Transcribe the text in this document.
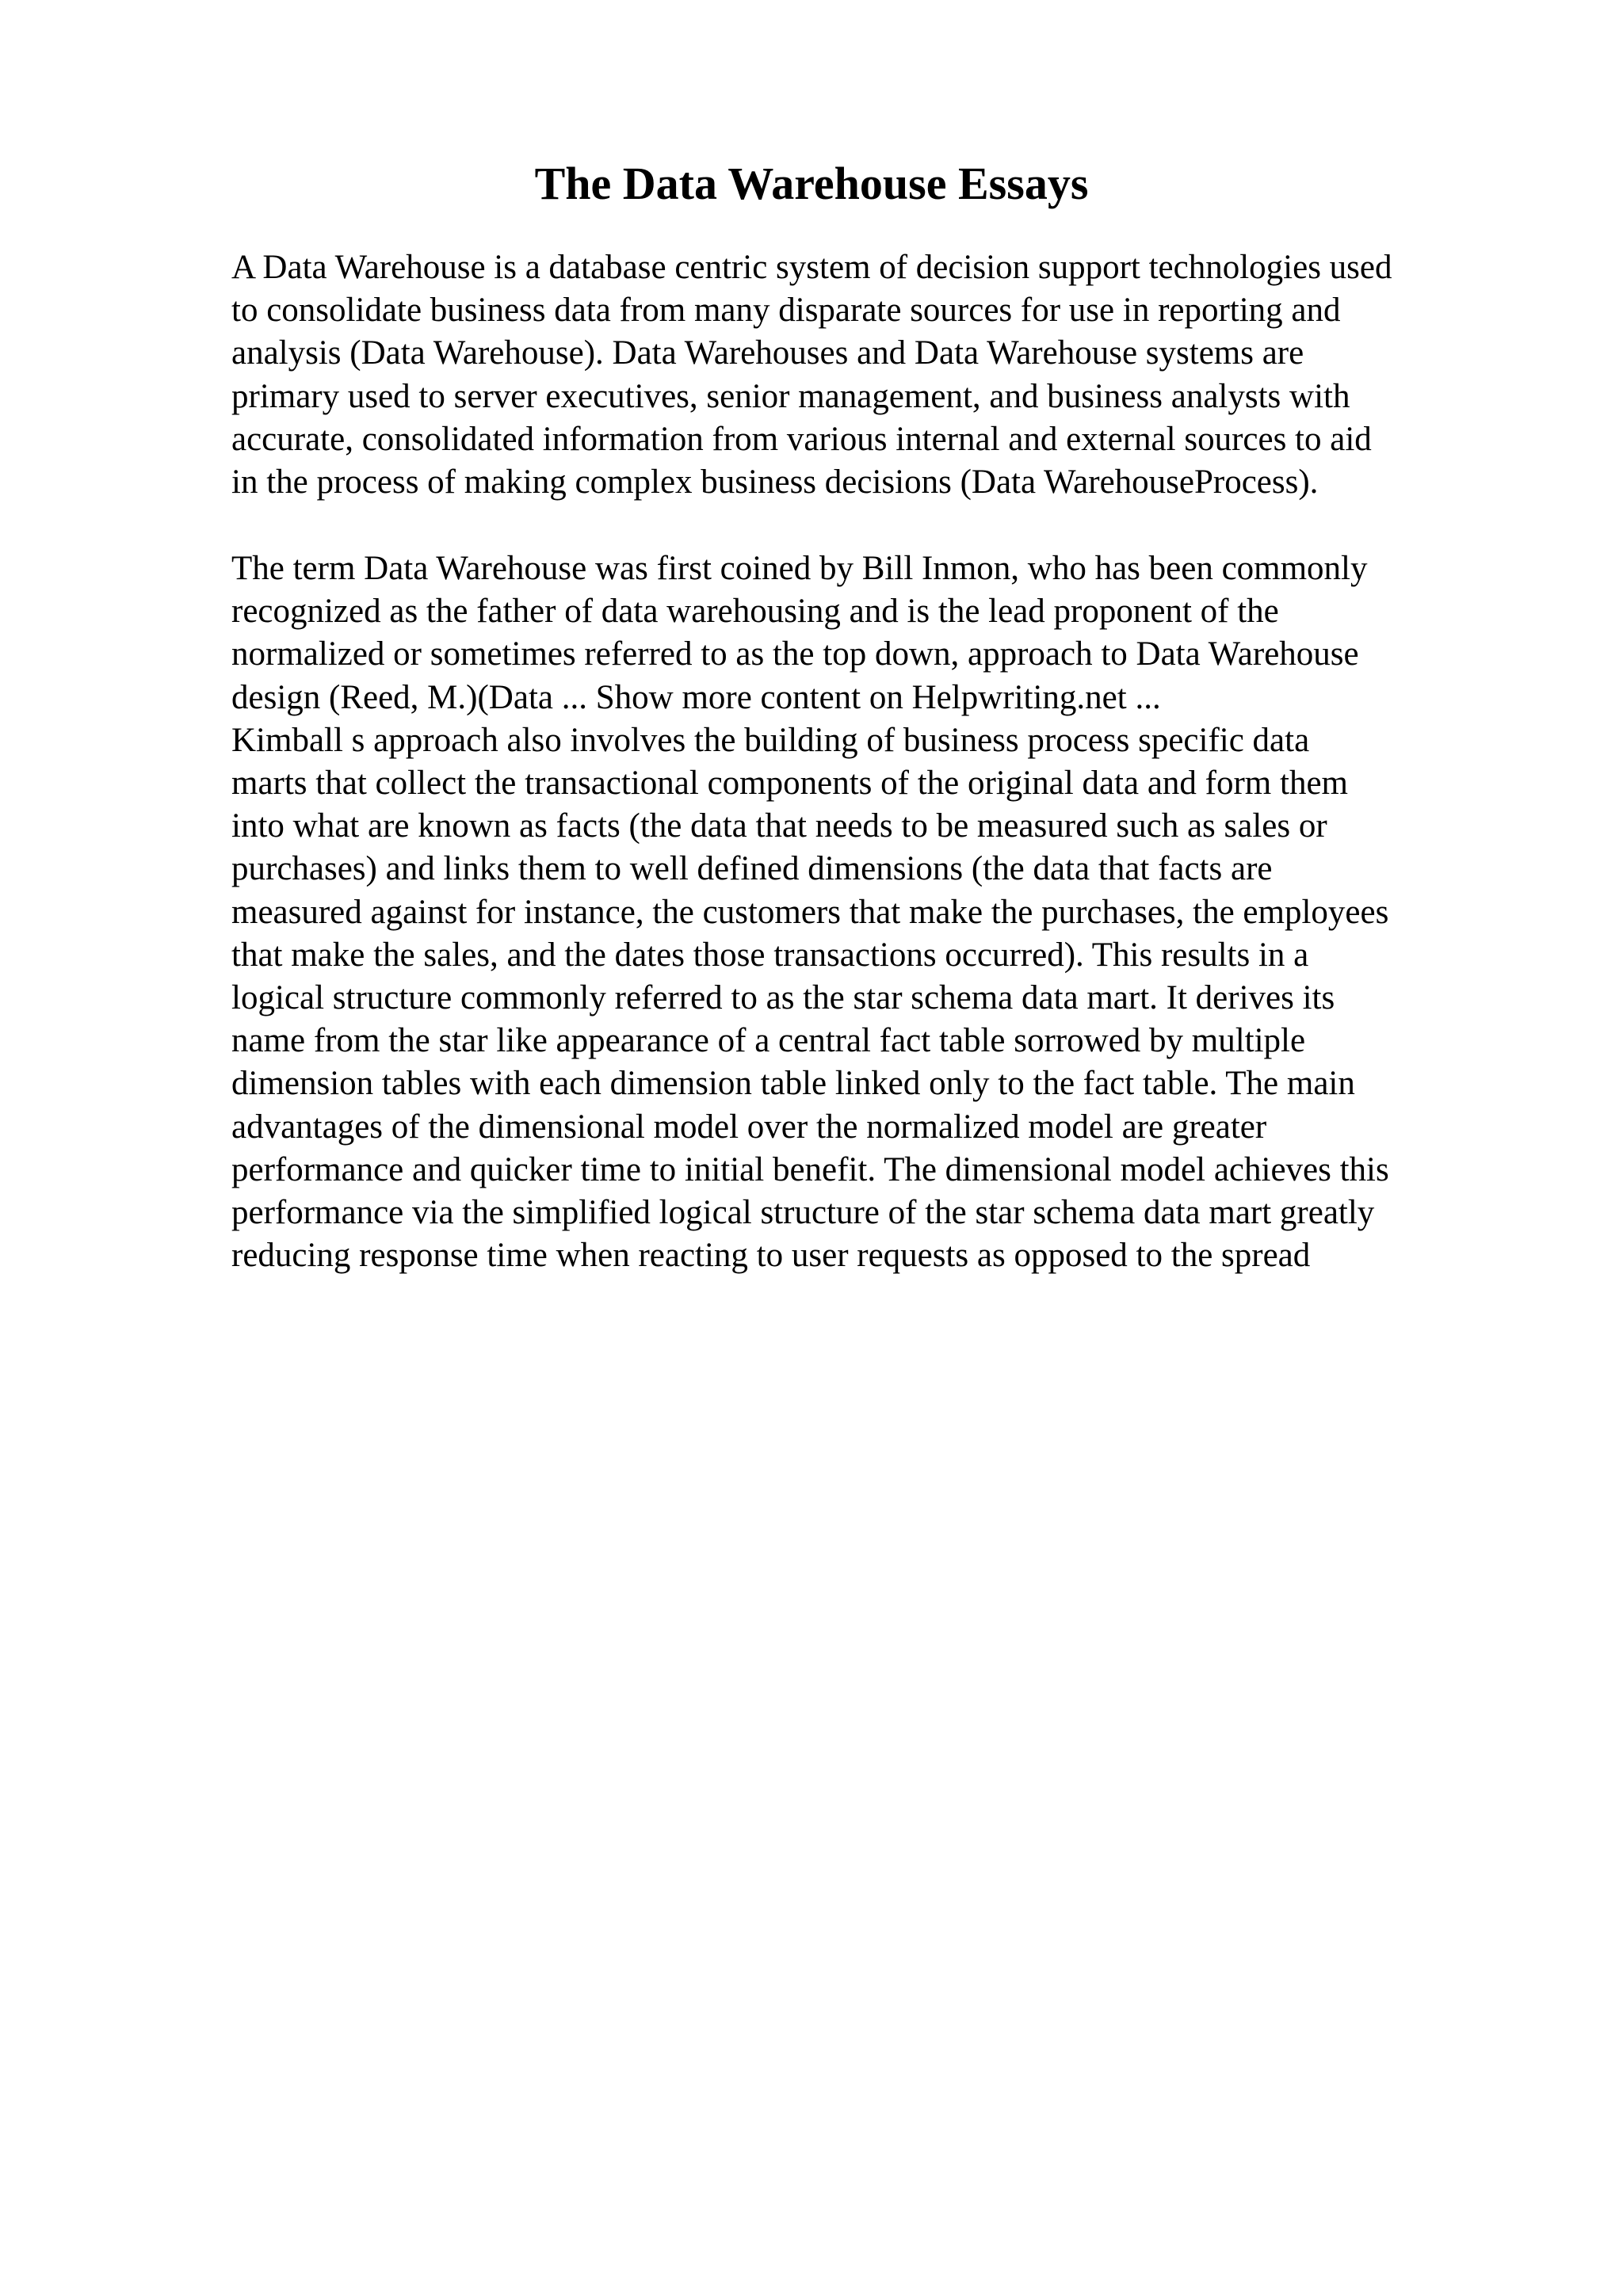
The Data Warehouse Essays

A Data Warehouse is a database centric system of decision support technologies used
to consolidate business data from many disparate sources for use in reporting and
analysis (Data Warehouse). Data Warehouses and Data Warehouse systems are
primary used to server executives, senior management, and business analysts with
accurate, consolidated information from various internal and external sources to aid
in the process of making complex business decisions (Data WarehouseProcess).

The term Data Warehouse was first coined by Bill Inmon, who has been commonly
recognized as the father of data warehousing and is the lead proponent of the
normalized or sometimes referred to as the top down, approach to Data Warehouse
design (Reed, M.)(Data ... Show more content on Helpwriting.net ...
Kimball s approach also involves the building of business process specific data
marts that collect the transactional components of the original data and form them
into what are known as facts (the data that needs to be measured such as sales or
purchases) and links them to well defined dimensions (the data that facts are
measured against for instance, the customers that make the purchases, the employees
that make the sales, and the dates those transactions occurred). This results in a
logical structure commonly referred to as the star schema data mart. It derives its
name from the star like appearance of a central fact table sorrowed by multiple
dimension tables with each dimension table linked only to the fact table. The main
advantages of the dimensional model over the normalized model are greater
performance and quicker time to initial benefit. The dimensional model achieves this
performance via the simplified logical structure of the star schema data mart greatly
reducing response time when reacting to user requests as opposed to the spread
